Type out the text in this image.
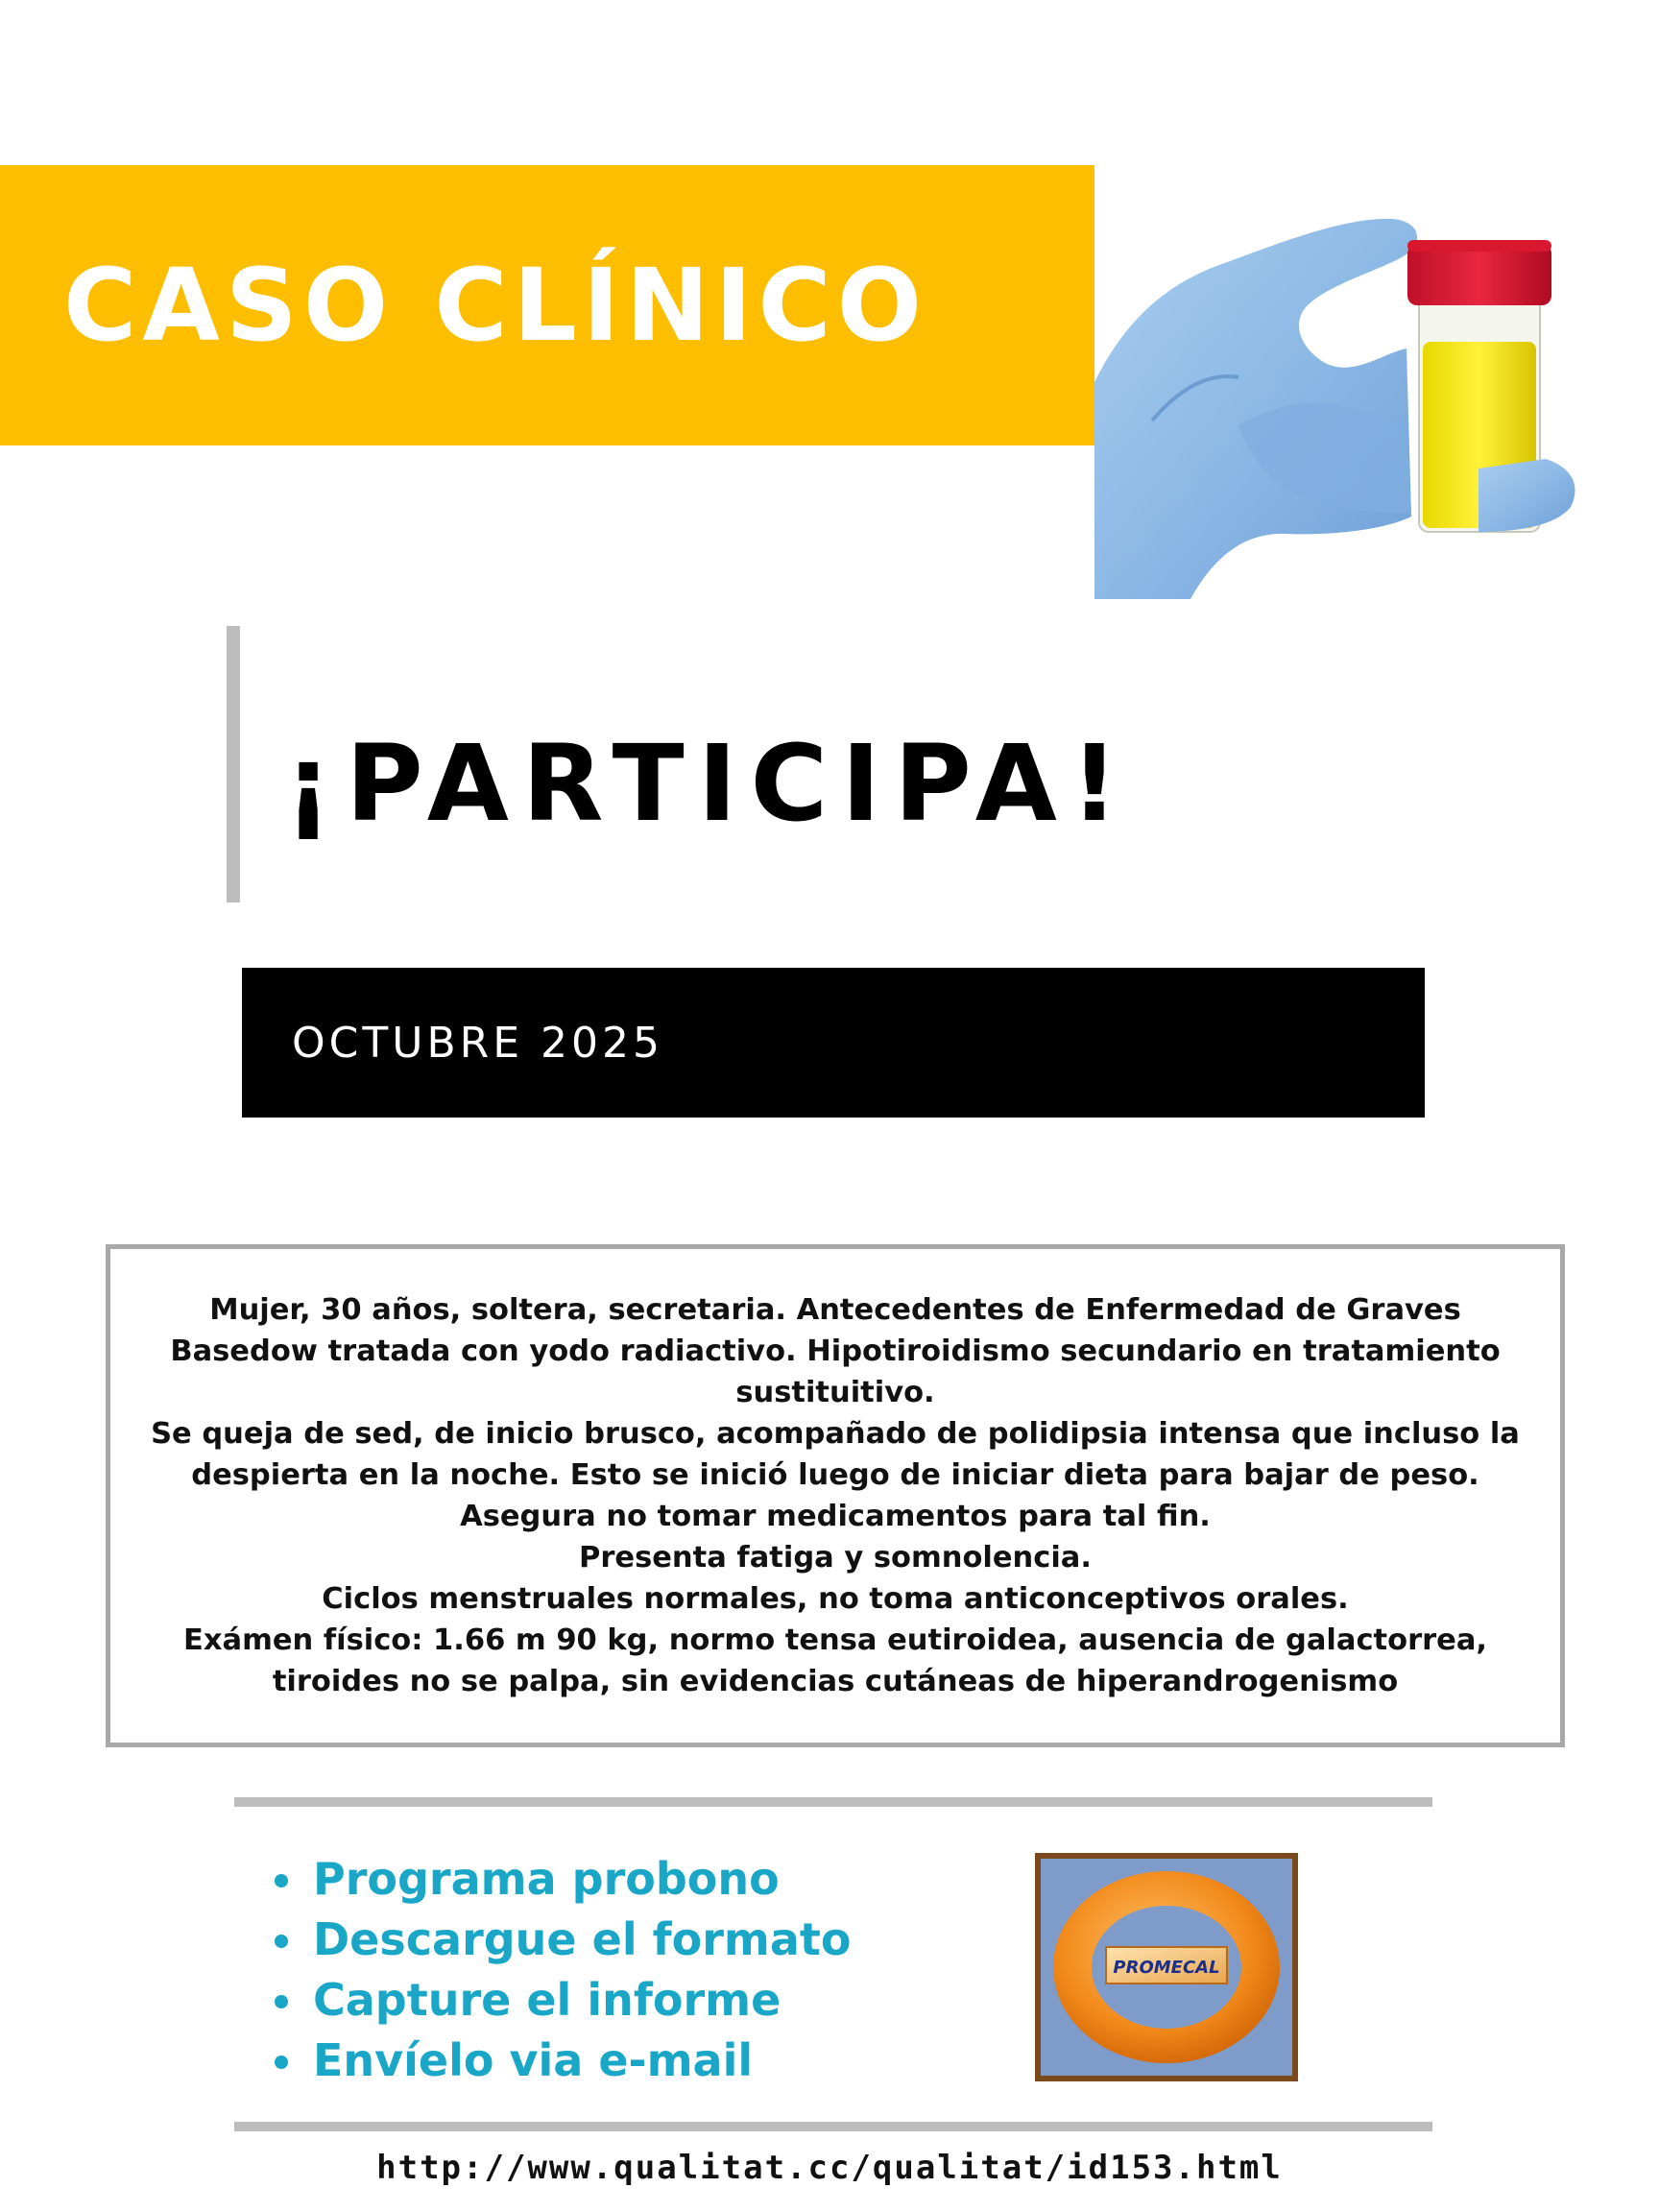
CASO CLÍNICO
¡PARTICIPA!
OCTUBRE 2025
Mujer, 30 años, soltera, secretaria. Antecedentes de Enfermedad de Graves
Basedow tratada con yodo radiactivo. Hipotiroidismo secundario en tratamiento
sustituitivo.
Se queja de sed, de inicio brusco, acompañado de polidipsia intensa que incluso la
despierta en la noche. Esto se inició luego de iniciar dieta para bajar de peso.
Asegura no tomar medicamentos para tal fin.
Presenta fatiga y somnolencia.
Ciclos menstruales normales, no toma anticonceptivos orales.
Exámen físico: 1.66 m 90 kg, normo tensa eutiroidea, ausencia de galactorrea,
tiroides no se palpa, sin evidencias cutáneas de hiperandrogenismo
Programa probono
Descargue el formato
Capture el informe
Envíelo via e-mail
PROMECAL
http://www.qualitat.cc/qualitat/id153.html
